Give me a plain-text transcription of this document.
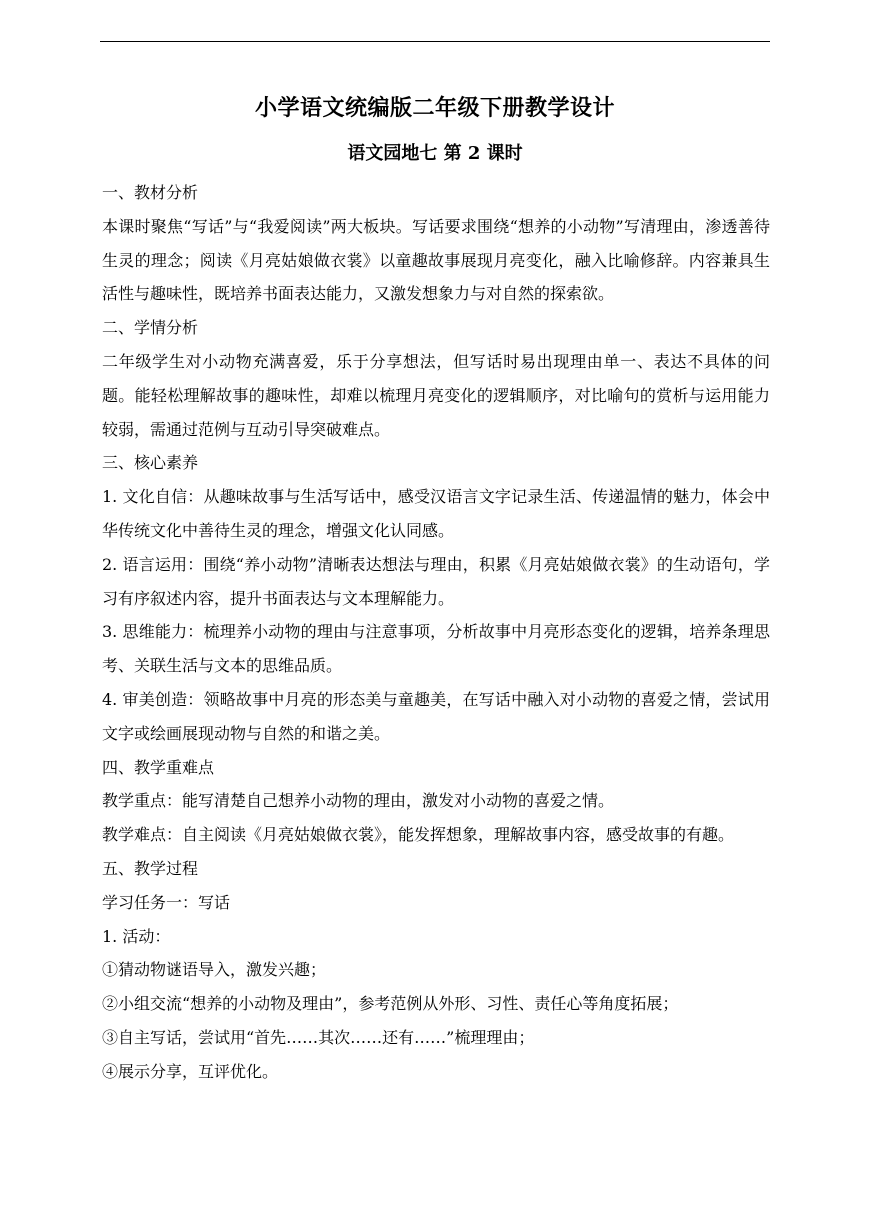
小学语文统编版二年级下册教学设计
语文园地七 第 2 课时

一、教材分析

本课时聚焦“写话”与“我爱阅读”两大板块。写话要求围绕“想养的小动物”写清理由，渗透善待生灵的理念；阅读《月亮姑娘做衣裳》以童趣故事展现月亮变化，融入比喻修辞。内容兼具生活性与趣味性，既培养书面表达能力，又激发想象力与对自然的探索欲。

二、学情分析

二年级学生对小动物充满喜爱，乐于分享想法，但写话时易出现理由单一、表达不具体的问题。能轻松理解故事的趣味性，却难以梳理月亮变化的逻辑顺序，对比喻句的赏析与运用能力较弱，需通过范例与互动引导突破难点。

三、核心素养

1. 文化自信：从趣味故事与生活写话中，感受汉语言文字记录生活、传递温情的魅力，体会中华传统文化中善待生灵的理念，增强文化认同感。

2. 语言运用：围绕“养小动物”清晰表达想法与理由，积累《月亮姑娘做衣裳》的生动语句，学习有序叙述内容，提升书面表达与文本理解能力。

3. 思维能力：梳理养小动物的理由与注意事项，分析故事中月亮形态变化的逻辑，培养条理思考、关联生活与文本的思维品质。

4. 审美创造：领略故事中月亮的形态美与童趣美，在写话中融入对小动物的喜爱之情，尝试用文字或绘画展现动物与自然的和谐之美。

四、教学重难点

教学重点：能写清楚自己想养小动物的理由，激发对小动物的喜爱之情。

教学难点：自主阅读《月亮姑娘做衣裳》，能发挥想象，理解故事内容，感受故事的有趣。

五、教学过程

学习任务一：写话

1. 活动：

①猜动物谜语导入，激发兴趣；

②小组交流“想养的小动物及理由”，参考范例从外形、习性、责任心等角度拓展；

③自主写话，尝试用“首先……其次……还有……”梳理理由；

④展示分享，互评优化。
